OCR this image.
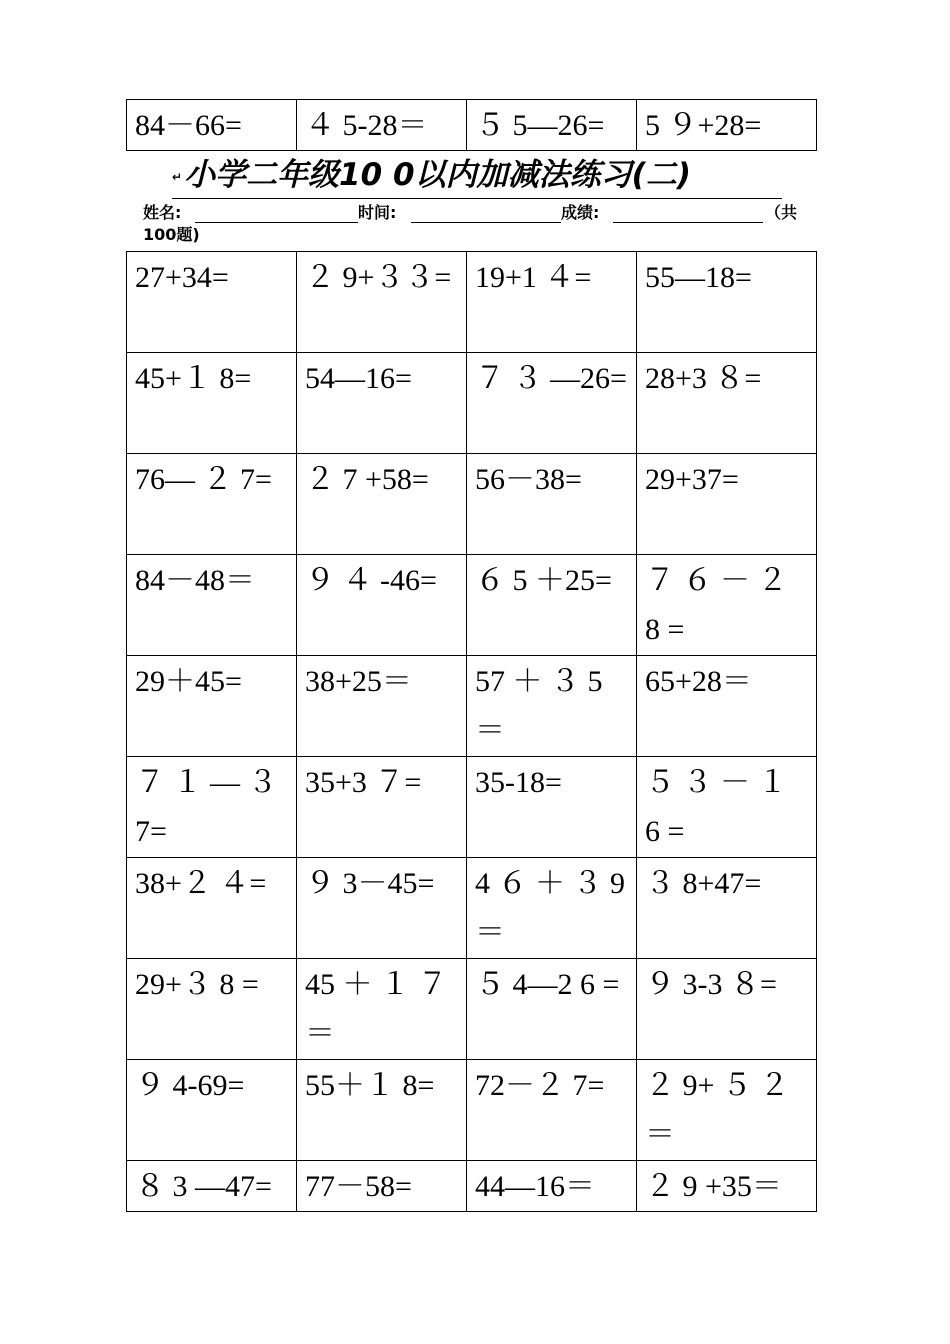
84－66=	４ 5-28＝	５ 5—26=	5 ９+28=
↵小学二年级10 0以内加减法练习(二)
姓名:	时间:	成绩:	（共
100题)
27+34=	２ 9+３３=	19+1 ４=	55—18=
45+１ 8=	54—16=	７ ３ —26=	28+3 ８=
76— ２ 7=	２ 7 +58=	56－38=	29+37=
84－48＝	９ ４ -46=	６ 5 ＋25=	７ ６ － ２ 8 =
29＋45=	38+25＝	57 ＋ ３ 5＝	65+28＝
７ １ — ３ 7=	35+3 ７=	35-18=	５ ３ － １ 6 =
38+２ ４=	９ 3－45=	4 ６ ＋ ３ 9＝	３ 8+47=
29+３ 8 =	45 ＋ １ ７＝	５ 4—2 6 =	９ 3-3 ８=
９ 4-69=	55＋１ 8=	72－２ 7=	２ 9+ ５ ２＝
８ 3 —47=	77－58=	44—16＝	２ 9 +35＝
